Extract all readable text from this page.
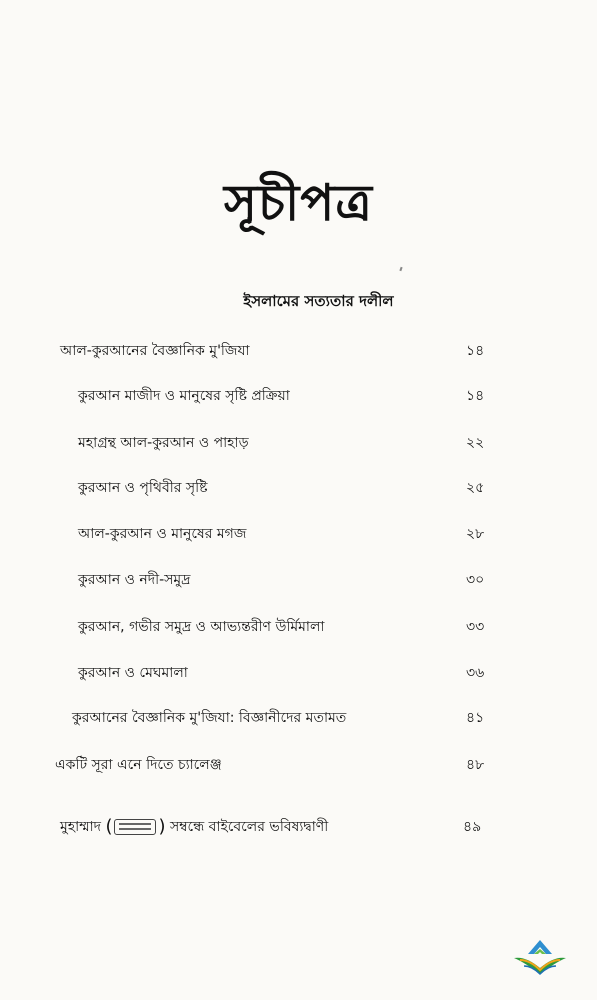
সূচীপত্র
ইসলামের সত্যতার দলীল
আল-কুরআনের বৈজ্ঞানিক মু'জিযা	১৪
কুরআন মাজীদ ও মানুষের সৃষ্টি প্রক্রিয়া	১৪
মহাগ্রন্থ আল-কুরআন ও পাহাড়	২২
কুরআন ও পৃথিবীর সৃষ্টি	২৫
আল-কুরআন ও মানুষের মগজ	২৮
কুরআন ও নদী-সমুদ্র	৩০
কুরআন, গভীর সমুদ্র ও আভ্যন্তরীণ উর্মিমালা	৩৩
কুরআন ও মেঘমালা	৩৬
কুরআনের বৈজ্ঞানিক মু'জিযা: বিজ্ঞানীদের মতামত	৪১
একটি সূরা এনে দিতে চ্যালেঞ্জ	৪৮
মুহাম্মাদ (	) সম্বন্ধে বাইবেলের ভবিষ্যদ্বাণী	৪৯
